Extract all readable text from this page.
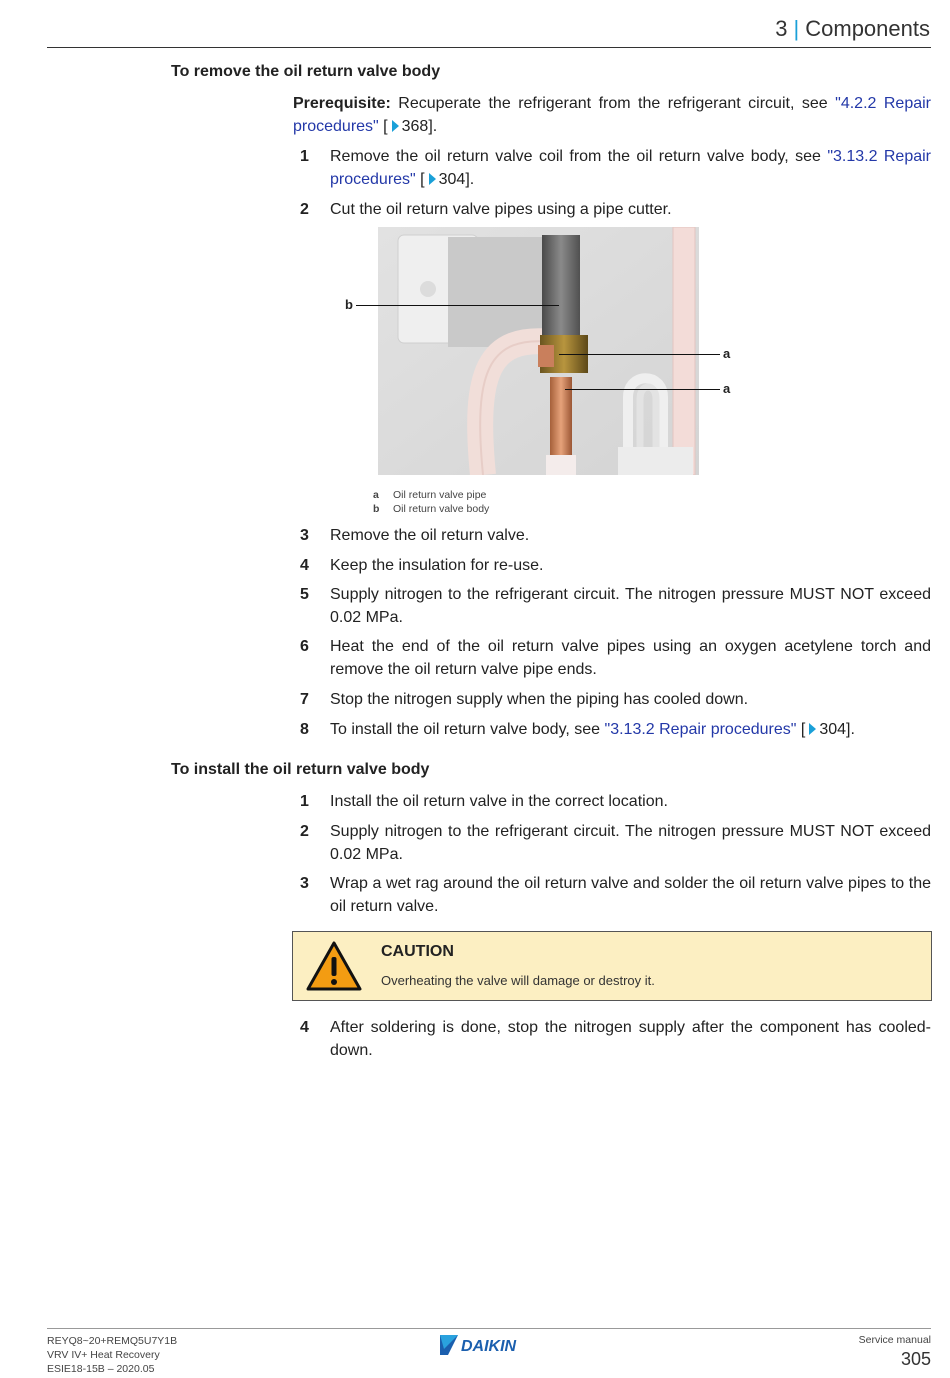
3 | Components
To remove the oil return valve body
Prerequisite: Recuperate the refrigerant from the refrigerant circuit, see "4.2.2 Repair procedures" [ 368].
1 Remove the oil return valve coil from the oil return valve body, see "3.13.2 Repair procedures" [ 304].
2 Cut the oil return valve pipes using a pipe cutter.
b
a
a
a Oil return valve pipe
b Oil return valve body
3 Remove the oil return valve.
4 Keep the insulation for re-use.
5 Supply nitrogen to the refrigerant circuit. The nitrogen pressure MUST NOT exceed 0.02 MPa.
6 Heat the end of the oil return valve pipes using an oxygen acetylene torch and remove the oil return valve pipe ends.
7 Stop the nitrogen supply when the piping has cooled down.
8 To install the oil return valve body, see "3.13.2 Repair procedures" [ 304].
To install the oil return valve body
1 Install the oil return valve in the correct location.
2 Supply nitrogen to the refrigerant circuit. The nitrogen pressure MUST NOT exceed 0.02 MPa.
3 Wrap a wet rag around the oil return valve and solder the oil return valve pipes to the oil return valve.
CAUTION
Overheating the valve will damage or destroy it.
4 After soldering is done, stop the nitrogen supply after the component has cooled-down.
REYQ8~20+REMQ5U7Y1B
VRV IV+ Heat Recovery
ESIE18-15B – 2020.05
DAIKIN	Service manual
305
